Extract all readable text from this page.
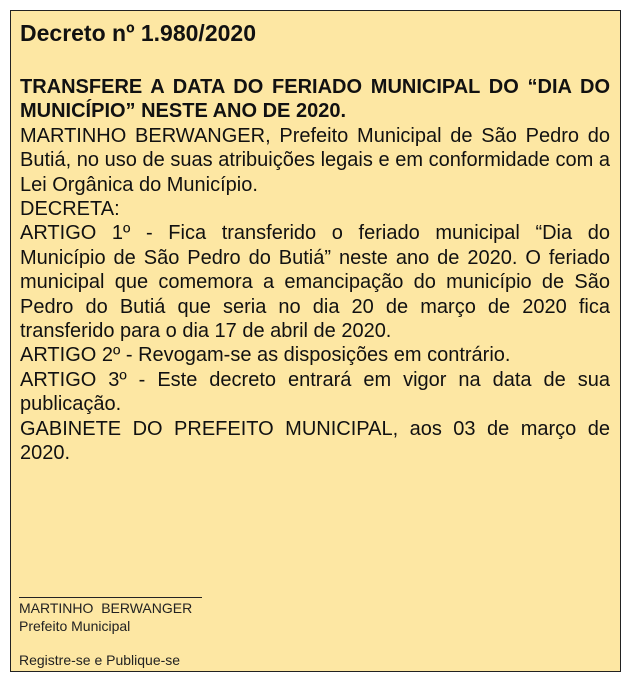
Decreto nº 1.980/2020

TRANSFERE A DATA DO FERIADO MUNICIPAL DO “DIA DO MUNICÍPIO” NESTE ANO DE 2020.

MARTINHO BERWANGER, Prefeito Municipal de São Pedro do Butiá, no uso de suas atribuições legais e em conformidade com a Lei Orgânica do Município.

DECRETA:

ARTIGO 1º - Fica transferido o feriado municipal “Dia do Município de São Pedro do Butiá” neste ano de 2020. O feriado municipal que comemora a emancipação do município de São Pedro do Butiá que seria no dia 20 de março de 2020 fica transferido para o dia 17 de abril de 2020.

ARTIGO 2º - Revogam-se as disposições em contrário.

ARTIGO 3º - Este decreto entrará em vigor na data de sua publicação.

GABINETE DO PREFEITO MUNICIPAL, aos 03 de março de 2020.

MARTINHO  BERWANGER
Prefeito Municipal
Registre-se e Publique-se
